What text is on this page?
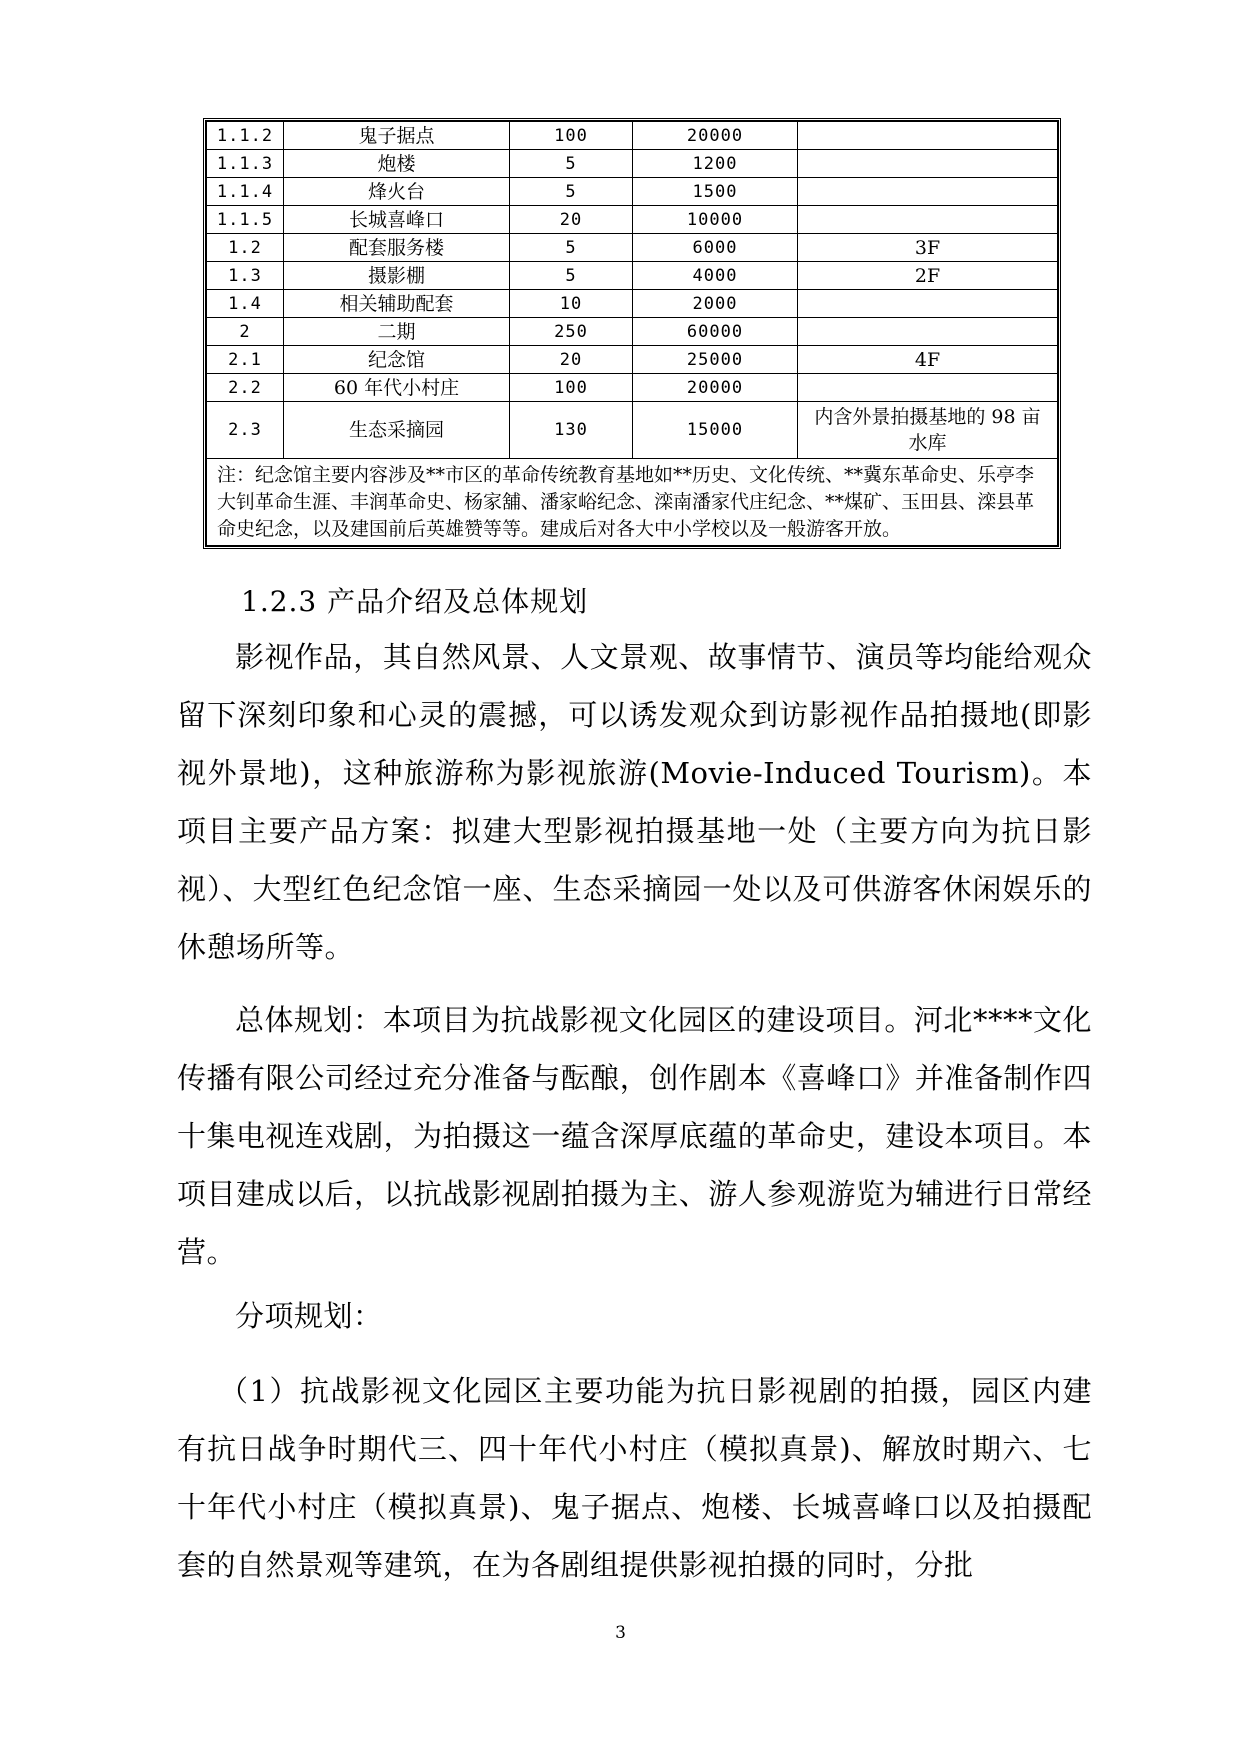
1.1.2	鬼子据点	100	20000	
1.1.3	炮楼	5	1200	
1.1.4	烽火台	5	1500	
1.1.5	长城喜峰口	20	10000	
1.2	配套服务楼	5	6000	3F
1.3	摄影棚	5	4000	2F
1.4	相关辅助配套	10	2000	
2	二期	250	60000	
2.1	纪念馆	20	25000	4F
2.2	60 年代小村庄	100	20000	
2.3	生态采摘园	130	15000	内含外景拍摄基地的 98 亩水库
注：纪念馆主要内容涉及**市区的革命传统教育基地如**历史、文化传统、**冀东革命史、乐亭李大钊革命生涯、丰润革命史、杨家舖、潘家峪纪念、滦南潘家代庄纪念、**煤矿、玉田县、滦县革命史纪念，以及建国前后英雄赞等等。建成后对各大中小学校以及一般游客开放。				
1.2.3 产品介绍及总体规划

影视作品，其自然风景、人文景观、故事情节、演员等均能给观众留下深刻印象和心灵的震撼，可以诱发观众到访影视作品拍摄地(即影视外景地)，这种旅游称为影视旅游(Movie-Induced Tourism)。本项目主要产品方案：拟建大型影视拍摄基地一处（主要方向为抗日影视）、大型红色纪念馆一座、生态采摘园一处以及可供游客休闲娱乐的休憩场所等。

总体规划：本项目为抗战影视文化园区的建设项目。河北****文化传播有限公司经过充分准备与酝酿，创作剧本《喜峰口》并准备制作四十集电视连戏剧，为拍摄这一蕴含深厚底蕴的革命史，建设本项目。本项目建成以后，以抗战影视剧拍摄为主、游人参观游览为辅进行日常经营。

分项规划：

（1）抗战影视文化园区主要功能为抗日影视剧的拍摄，园区内建有抗日战争时期代三、四十年代小村庄（模拟真景)、解放时期六、七十年代小村庄（模拟真景)、鬼子据点、炮楼、长城喜峰口以及拍摄配套的自然景观等建筑，在为各剧组提供影视拍摄的同时，分批

3
